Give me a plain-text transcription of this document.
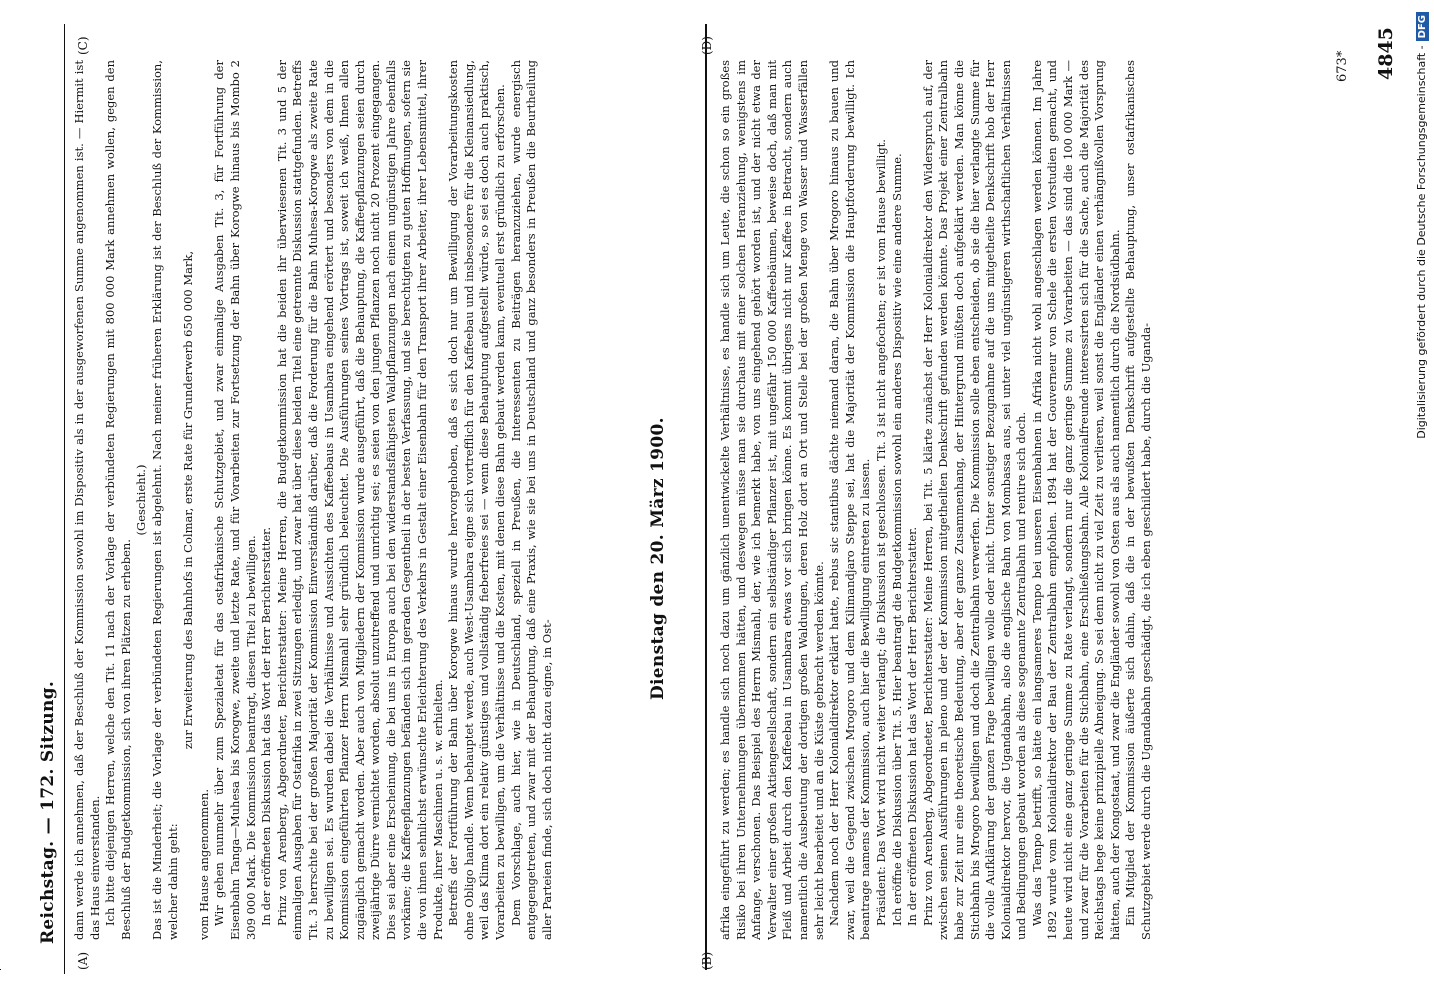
Reichstag. — 172. Sitzung.
Dienstag den 20. März 1900.
4845
(A)	(B)
(C)	(D)

dann werde ich annehmen, daß der Beschluß der Kommission sowohl im Dispositiv als in der ausgeworfenen Summe angenommen ist. — Hiermit ist das Haus einverstanden. Ich bitte diejenigen Herren, welche den Tit. 11 nach der Vorlage der verbündeten Regierungen mit 800 000 Mark annehmen wollen, gegen den Beschluß der Budgetkommission, sich von ihren Plätzen zu erheben.

(Geschieht.) Das ist die Minderheit; die Vorlage der verbündeten Regierungen ist abgelehnt. Nach meiner früheren Erklärung ist der Beschluß der Kommission, welcher dahin geht:

zur Erweiterung des Bahnhofs in Colmar, erste Rate für Grunderwerb 650 000 Mark,

vom Hause angenommen. Wir gehen nunmehr über zum Spezialetat für das ostafrikanische Schutzgebiet, und zwar einmalige Ausgaben Tit. 3, für Fortführung der Eisenbahn Tanga—Muhesa bis Korogwe, zweite und letzte Rate, und für Vorarbeiten zur Fortsetzung der Bahn über Korogwe hinaus bis Mombo 2 309 000 Mark. Die Kommission beantragt, diesen Titel zu bewilligen. In der eröffneten Diskussion hat das Wort der Herr Berichterstatter. Prinz von Arenberg, Abgeordneter, Berichterstatter: Meine Herren, die Budgetkommission hat die beiden ihr überwiesenen Tit. 3 und 5 der einmaligen Ausgaben für Ostafrika in zwei Sitzungen erledigt, und zwar hat über diese beiden Titel eine getrennte Diskussion stattgefunden. Betreffs Tit. 3 herrschte bei der großen Majorität der Kommission Einverständniß darüber, daß die Forderung für die Bahn Muhesa-Korogwe als zweite Rate zu bewilligen sei. Es wurden dabei die Verhältnisse und Aussichten des Kaffeebaus in Usambara eingehend erörtert und besonders von dem in die Kommission eingeführten Pflanzer Herrn Mismahl sehr gründlich beleuchtet. Die Ausführungen seines Vortrags ist, soweit ich weiß, Ihnen allen zugänglich gemacht worden. Aber auch von Mitgliedern der Kommission wurde ausgeführt, daß die Behauptung, die Kaffeepflanzungen seien durch zweijährige Dürre vernichtet worden, absolut unzutreffend und unrichtig sei; es seien von den jungen Pflanzen noch nicht 20 Prozent eingegangen. Dies sei aber eine Erscheinung, die bei uns in Europa auch bei den widerstandsfähigsten Waldpflanzungen nach einem ungünstigen Jahre ebenfalls vorkäme; die Kaffeepflanzungen befänden sich im geraden Gegentheil in der besten Verfassung, und sie berechtigten zu guten Hoffnungen, sofern sie die von ihnen sehnlichst erwünschte Erleichterung des Verkehrs in Gestalt einer Eisenbahn für den Transport ihrer Arbeiter, ihrer Lebensmittel, ihrer Produkte, ihrer Maschinen u. s. w. erhielten. Betreffs der Fortführung der Bahn über Korogwe hinaus wurde hervorgehoben, daß es sich doch nur um Bewilligung der Vorarbeitungskosten ohne Obligo handle. Wenn behauptet werde, auch West-Usambara eigne sich vortrefflich für den Kaffeebau und insbesondere für die Kleinansiedlung, weil das Klima dort ein relativ günstiges und vollständig fieberfreies sei — wenn diese Behauptung aufgestellt würde, so sei es doch auch praktisch, Vorarbeiten zu bewilligen, um die Verhältnisse und die Kosten, mit denen diese Bahn gebaut werden kann, eventuell erst gründlich zu erforschen. Dem Vorschlage, auch hier, wie in Deutschland, speziell in Preußen, die Interessenten zu Beiträgen heranzuziehen, wurde energisch entgegengetreten, und zwar mit der Behauptung, daß eine Praxis, wie sie bei uns in Deutschland und ganz besonders in Preußen die Beurtheilung aller Parteien finde, sich doch nicht dazu eigne, in Ost-	afrika eingeführt zu werden; es handle sich noch dazu um gänzlich unentwickelte Verhältnisse, es handle sich um Leute, die schon so ein großes Risiko bei ihren Unternehmungen übernommen hätten, und deswegen müsse man sie durchaus mit einer solchen Heranziehung, wenigstens im Anfange, verschonen. Das Beispiel des Herrn Mismahl, der, wie ich bemerkt habe, von uns eingehend gehört worden ist, und der nicht etwa der Verwalter einer großen Aktiengesellschaft, sondern ein selbständiger Pflanzer ist, mit ungefähr 150 000 Kaffeebäumen, beweise doch, daß man mit Fleiß und Arbeit durch den Kaffeebau in Usambara etwas vor sich bringen könne. Es kommt übrigens nicht nur Kaffee in Betracht, sondern auch namentlich die Ausbeutung der dortigen großen Waldungen, deren Holz dort an Ort und Stelle bei der großen Menge von Wasser und Wasserfällen sehr leicht bearbeitet und an die Küste gebracht werden könnte. Nachdem noch der Herr Kolonialdirektor erklärt hatte, rebus sic stantibus dächte niemand daran, die Bahn über Mrogoro hinaus zu bauen und zwar, weil die Gegend zwischen Mrogoro und dem Kilimandjaro Steppe sei, hat die Majorität der Kommission die Hauptforderung bewilligt. Ich beantrage namens der Kommission, auch hier die Bewilligung eintreten zu lassen. Präsident: Das Wort wird nicht weiter verlangt; die Diskussion ist geschlossen. Tit. 3 ist nicht angefochten; er ist vom Hause bewilligt. Ich eröffne die Diskussion über Tit. 5. Hier beantragt die Budgetkommission sowohl ein anderes Dispositiv wie eine andere Summe. In der eröffneten Diskussion hat das Wort der Herr Berichterstatter. Prinz von Arenberg, Abgeordneter, Berichterstatter: Meine Herren, bei Tit. 5 klärte zunächst der Herr Kolonialdirektor den Widerspruch auf, der zwischen seinen Ausführungen in pleno und der der Kommission mitgetheilten Denkschrift gefunden werden könnte. Das Projekt einer Zentralbahn habe zur Zeit nur eine theoretische Bedeutung, aber der ganze Zusammenhang, der Hintergrund müßten doch aufgeklärt werden. Man könne die Stichbahn bis Mrogoro bewilligen und doch die Zentralbahn verwerfen. Die Kommission solle eben entscheiden, ob sie die hier verlangte Summe für die volle Aufklärung der ganzen Frage bewilligen wolle oder nicht. Unter sonstiger Bezugnahme auf die uns mitgetheilte Denkschrift hob der Herr Kolonialdirektor hervor, die Ugandabahn, also die englische Bahn von Mombassa aus, sei unter viel ungünstigeren wirthschaftlichen Verhältnissen und Bedingungen gebaut worden als diese sogenannte Zentralbahn und rentire sich doch. Was das Tempo betrifft, so hätte ein langsameres Tempo bei unseren Eisenbahnen in Afrika nicht wohl angeschlagen werden können. Im Jahre 1892 wurde vom Kolonialdirektor der Bau der Zentralbahn empfohlen. 1894 hat der Gouverneur von Schele die ersten Vorstudien gemacht, und heute wird nicht eine ganz geringe Summe zu Rate verlangt, sondern nur die ganz geringe Summe zu Vorarbeiten — das sind die 100 000 Mark — und zwar für die Vorarbeiten für die Stichbahn, eine Erschließungsbahn. Alle Kolonialfreunde interessirten sich für die Sache, auch die Majorität des Reichstags hege keine prinzipielle Abneigung. So sei denn nicht zu viel Zeit zu verlieren, weil sonst die Engländer einen verhängnißvollen Vorsprung hätten, auch der Kongostaat, und zwar die Engländer sowohl von Osten aus als auch namentlich durch die Nordsüdbahn. Ein Mitglied der Kommission äußerte sich dahin, daß die in der bewußten Denkschrift aufgestellte Behauptung, unser ostafrikanisches Schutzgebiet werde durch die Ugandabahn geschädigt, die ich eben geschildert habe, durch die Uganda-

673*	Digitalisierung gefördert durch die Deutsche Forschungsgemeinschaft -DFG
